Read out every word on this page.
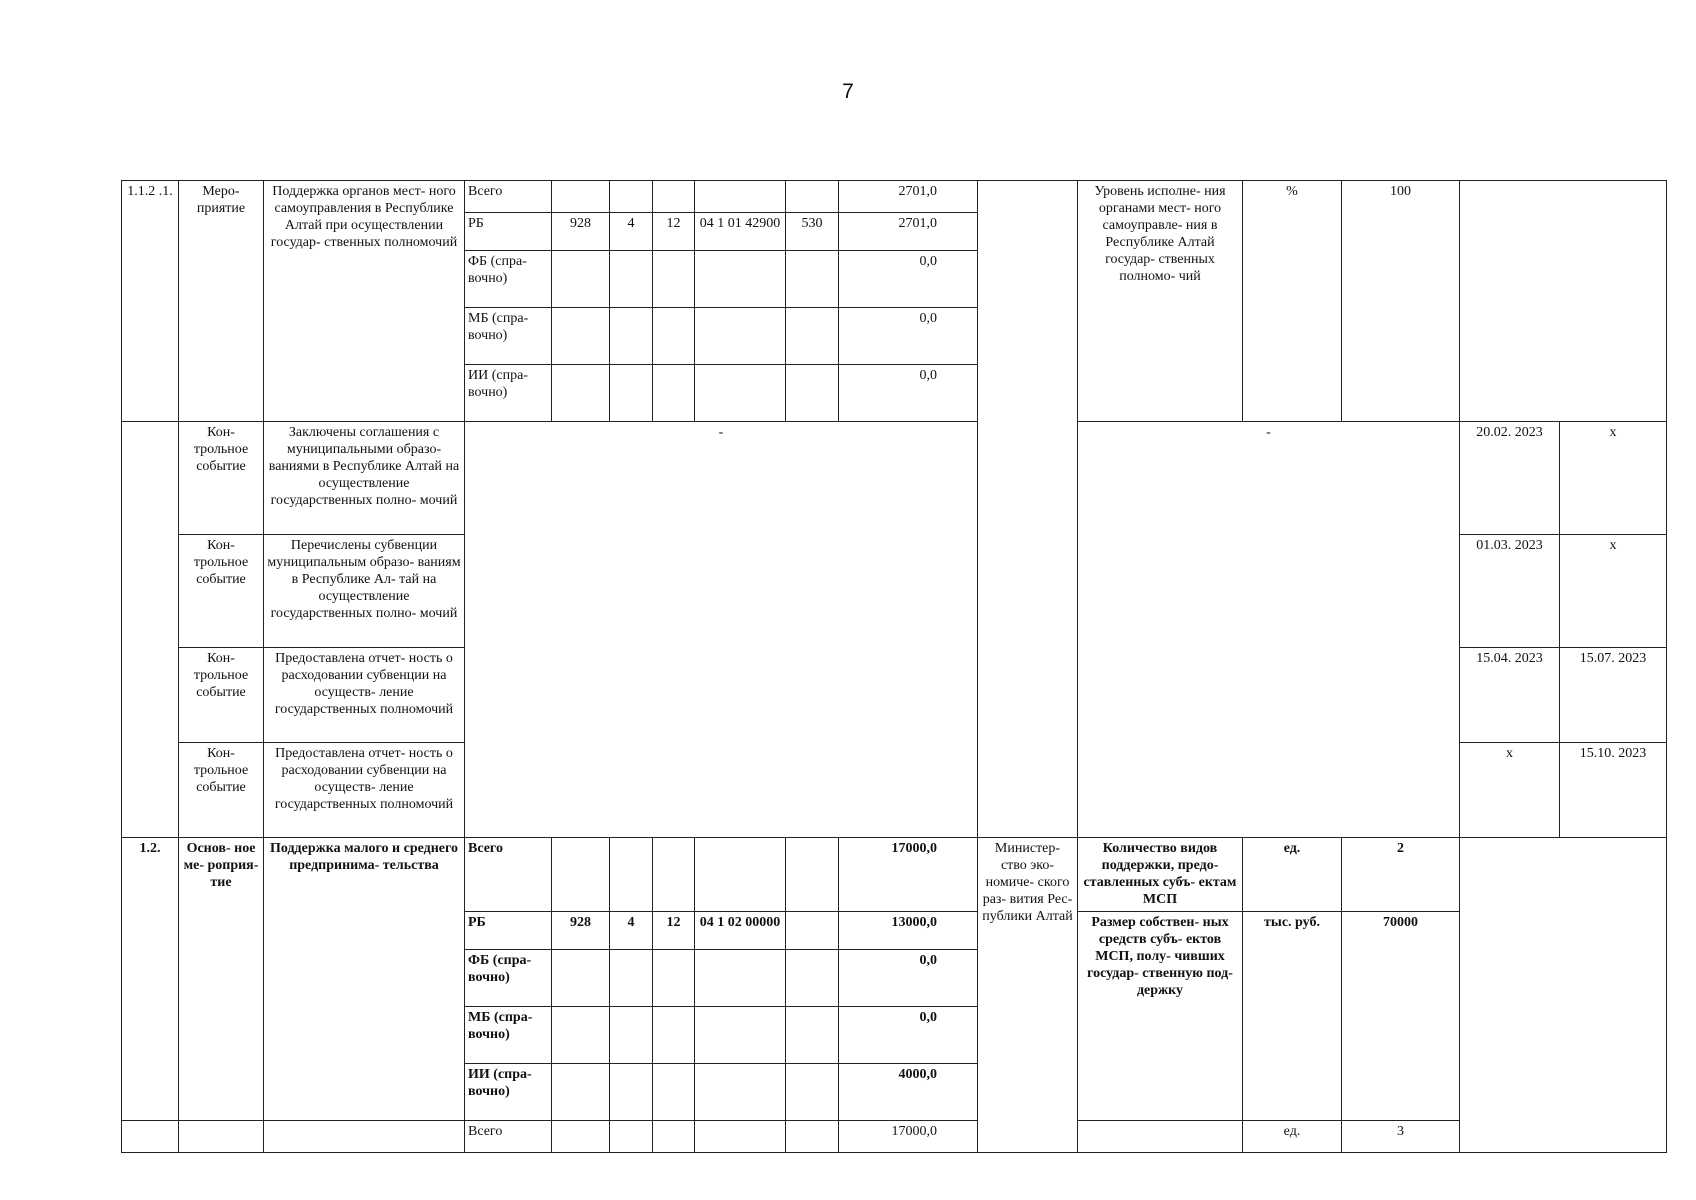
7
1.1.2 .1.	Меро- приятие	Поддержка органов мест- ного самоуправления в Республике Алтай при осуществлении государ- ственных полномочий	Всего						2701,0		Уровень исполне- ния органами мест- ного самоуправле- ния в Республике Алтай государ- ственных полномо- чий	%	100		
			РБ	928	4	12	04 1 01 42900	530	2701,0						
			ФБ (спра- вочно)						0,0						
			МБ (спра- вочно)						0,0						
			ИИ (спра- вочно)						0,0						
	Кон- трольное событие	Заключены соглашения с муниципальными образо- ваниями в Республике Алтай на осуществление государственных полно- мочий	-								-			20.02. 2023	х
	Кон- трольное событие	Перечислены субвенции муниципальным образо- ваниям в Республике Ал- тай на осуществление государственных полно- мочий												01.03. 2023	х
	Кон- трольное событие	Предоставлена отчет- ность о расходовании субвенции на осуществ- ление государственных полномочий												15.04. 2023	15.07. 2023
	Кон- трольное событие	Предоставлена отчет- ность о расходовании субвенции на осуществ- ление государственных полномочий												х	15.10. 2023
1.2.	Основ- ное ме- роприя- тие	Поддержка малого и среднего предпринима- тельства	Всего						17000,0	Министер- ство эко- номиче- ского раз- вития Рес- публики Алтай	Количество видов поддержки, предо- ставленных субъ- ектам МСП	ед.	2		
			РБ	928	4	12	04 1 02 00000		13000,0		Размер собствен- ных средств субъ- ектов МСП, полу- чивших государ- ственную под- держку	тыс. руб.	70000		
			ФБ (спра- вочно)						0,0						
			МБ (спра- вочно)						0,0						
			ИИ (спра- вочно)						4000,0						
			Всего						17000,0			ед.	3		
